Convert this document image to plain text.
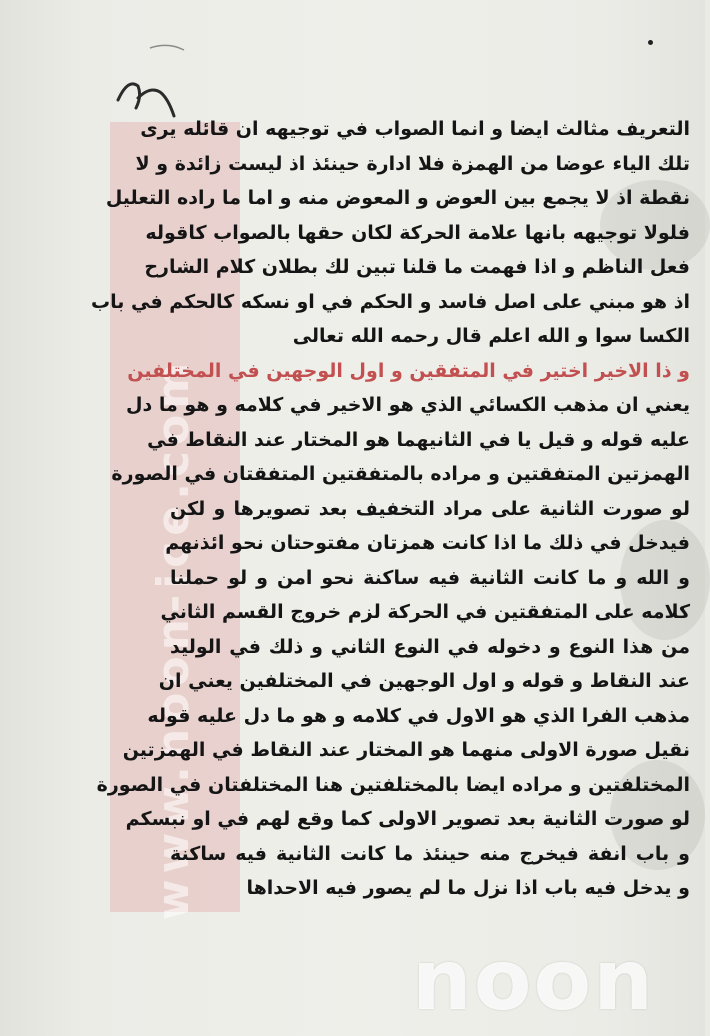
www.noon-ice.com
التعريف مثالث ايضا و انما الصواب في توجيهه ان قائله يرى
تلك الياء عوضا من الهمزة فلا ادارة حينئذ اذ ليست زائدة و لا
نقطة اذ لا يجمع بين العوض و المعوض منه و اما ما راده التعليل
فلولا توجيهه بانها علامة الحركة لكان حقها بالصواب كاقوله
فعل الناظم و اذا فهمت ما قلنا تبين لك بطلان كلام الشارح
اذ هو مبني على اصل فاسد و الحكم في او نسكه كالحكم في باب
الكسا سوا و الله اعلم قال رحمه الله تعالى
و ذا الاخير اختير في المتفقين و اول الوجهين في المختلفين
يعني ان مذهب الكسائي الذي هو الاخير في كلامه و هو ما دل
عليه قوله و قيل يا في الثانيهما هو المختار عند النقاط في
الهمزتين المتفقتين و مراده بالمتفقتين المتفقتان في الصورة
لو صورت الثانية على مراد التخفيف بعد تصويرها و لكن
فيدخل في ذلك ما اذا كانت همزتان مفتوحتان نحو ائذنهم
و الله و ما كانت الثانية فيه ساكنة نحو امن و لو حملنا
كلامه على المتفقتين في الحركة لزم خروج القسم الثاني
من هذا النوع و دخوله في النوع الثاني و ذلك في الوليد
عند النقاط و قوله و اول الوجهين في المختلفين يعني ان
مذهب الفرا الذي هو الاول في كلامه و هو ما دل عليه قوله
نقيل صورة الاولى منهما هو المختار عند النقاط في الهمزتين
المختلفتين و مراده ايضا بالمختلفتين هنا المختلفتان في الصورة
لو صورت الثانية بعد تصوير الاولى كما وقع لهم في او نبسكم
و باب انفة فيخرج منه حينئذ ما كانت الثانية فيه ساكنة
و يدخل فيه باب اذا نزل ما لم يصور فيه الاحداها
noon
